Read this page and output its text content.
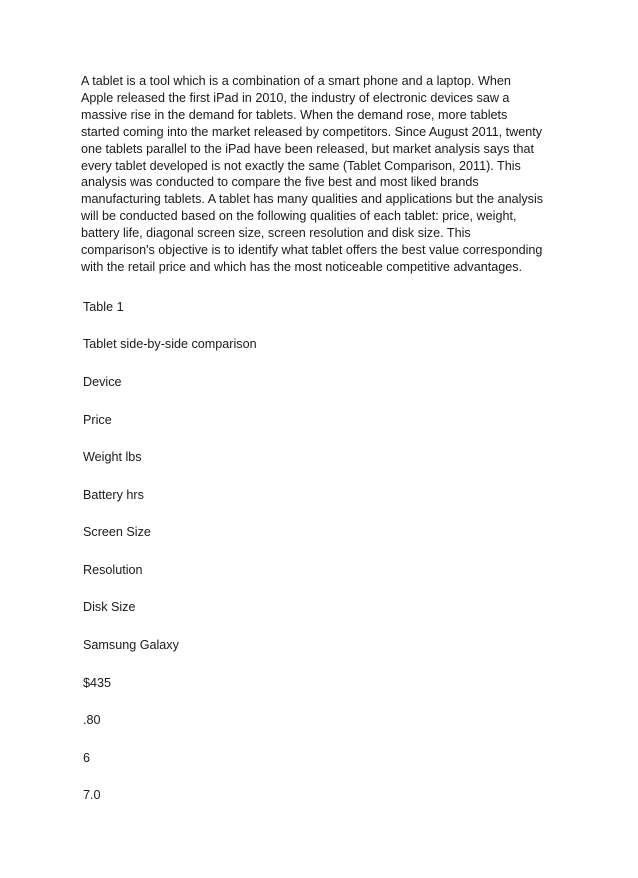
A tablet is a tool which is a combination of a smart phone and a laptop. When
Apple released the first iPad in 2010, the industry of electronic devices saw a
massive rise in the demand for tablets. When the demand rose, more tablets
started coming into the market released by competitors. Since August 2011, twenty
one tablets parallel to the iPad have been released, but market analysis says that
every tablet developed is not exactly the same (Tablet Comparison, 2011). This
analysis was conducted to compare the five best and most liked brands
manufacturing tablets. A tablet has many qualities and applications but the analysis
will be conducted based on the following qualities of each tablet: price, weight,
battery life, diagonal screen size, screen resolution and disk size. This
comparison's objective is to identify what tablet offers the best value corresponding
with the retail price and which has the most noticeable competitive advantages.

Table 1

Tablet side-by-side comparison

Device

Price

Weight lbs

Battery hrs

Screen Size

Resolution

Disk Size

Samsung Galaxy

$435

.80

6

7.0
